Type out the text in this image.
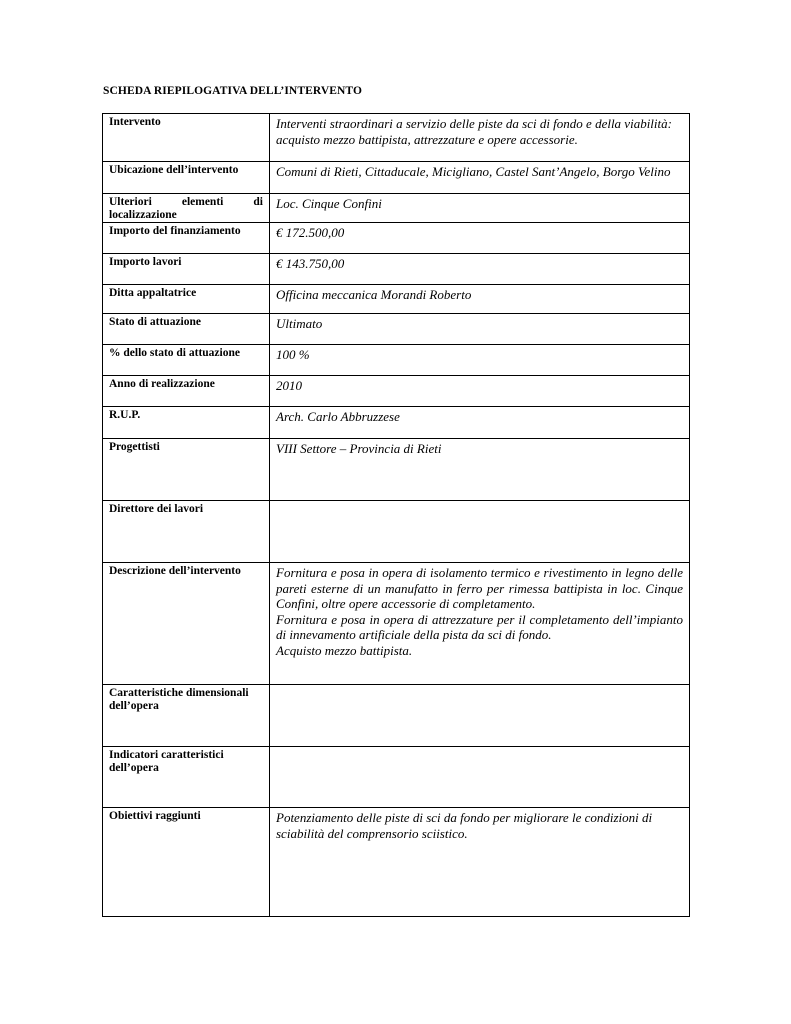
SCHEDA RIEPILOGATIVA DELL’INTERVENTO
Intervento	Interventi straordinari a servizio delle piste da sci di fondo e della viabilità: acquisto mezzo battipista, attrezzature e opere accessorie.
Ubicazione dell’intervento	Comuni di Rieti, Cittaducale, Micigliano, Castel Sant’Angelo, Borgo Velino
Ulteriori elementi di localizzazione	Loc. Cinque Confini
Importo del finanziamento	€ 172.500,00
Importo lavori	€ 143.750,00
Ditta appaltatrice	Officina meccanica Morandi Roberto
Stato di attuazione	Ultimato
% dello stato di attuazione	100 %
Anno di realizzazione	2010
R.U.P.	Arch. Carlo Abbruzzese
Progettisti	VIII Settore – Provincia di Rieti
Direttore dei lavori	
Descrizione dell’intervento	Fornitura e posa in opera di isolamento termico e rivestimento in legno delle pareti esterne di un manufatto in ferro per rimessa battipista in loc. Cinque Confini, oltre opere accessorie di completamento.
Fornitura e posa in opera di attrezzature per il completamento dell’impianto di innevamento artificiale della pista da sci di fondo.
Acquisto mezzo battipista.

Caratteristiche dimensionali dell’opera	
Indicatori caratteristici dell’opera	
Obiettivi raggiunti	Potenziamento delle piste di sci da fondo per migliorare le condizioni di sciabilità del comprensorio sciistico.
